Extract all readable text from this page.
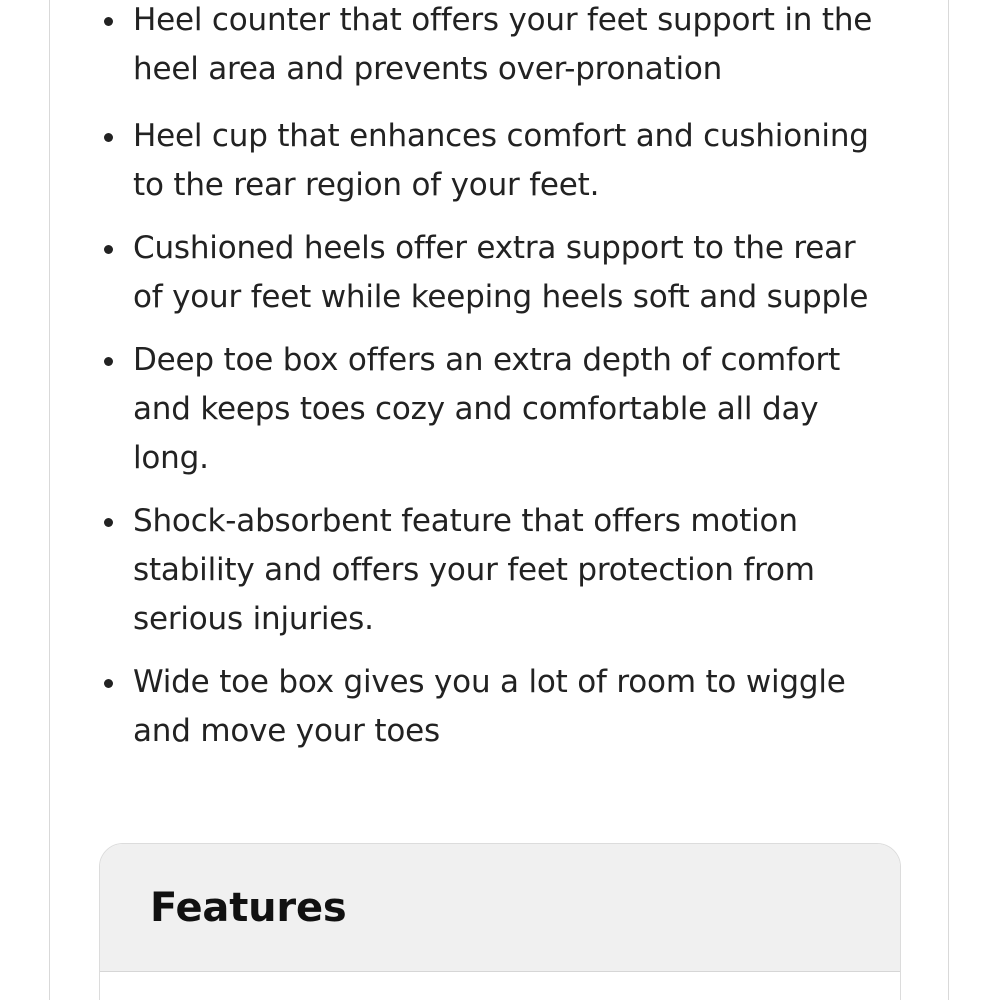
Heel counter that offers your feet support in the heel area and prevents over-pronation
Heel cup that enhances comfort and cushioning to the rear region of your feet.
Cushioned heels offer extra support to the rear of your feet while keeping heels soft and supple
Deep toe box offers an extra depth of comfort and keeps toes cozy and comfortable all day long.
Shock-absorbent feature that offers motion stability and offers your feet protection from serious injuries.
Wide toe box gives you a lot of room to wiggle and move your toes
Features
